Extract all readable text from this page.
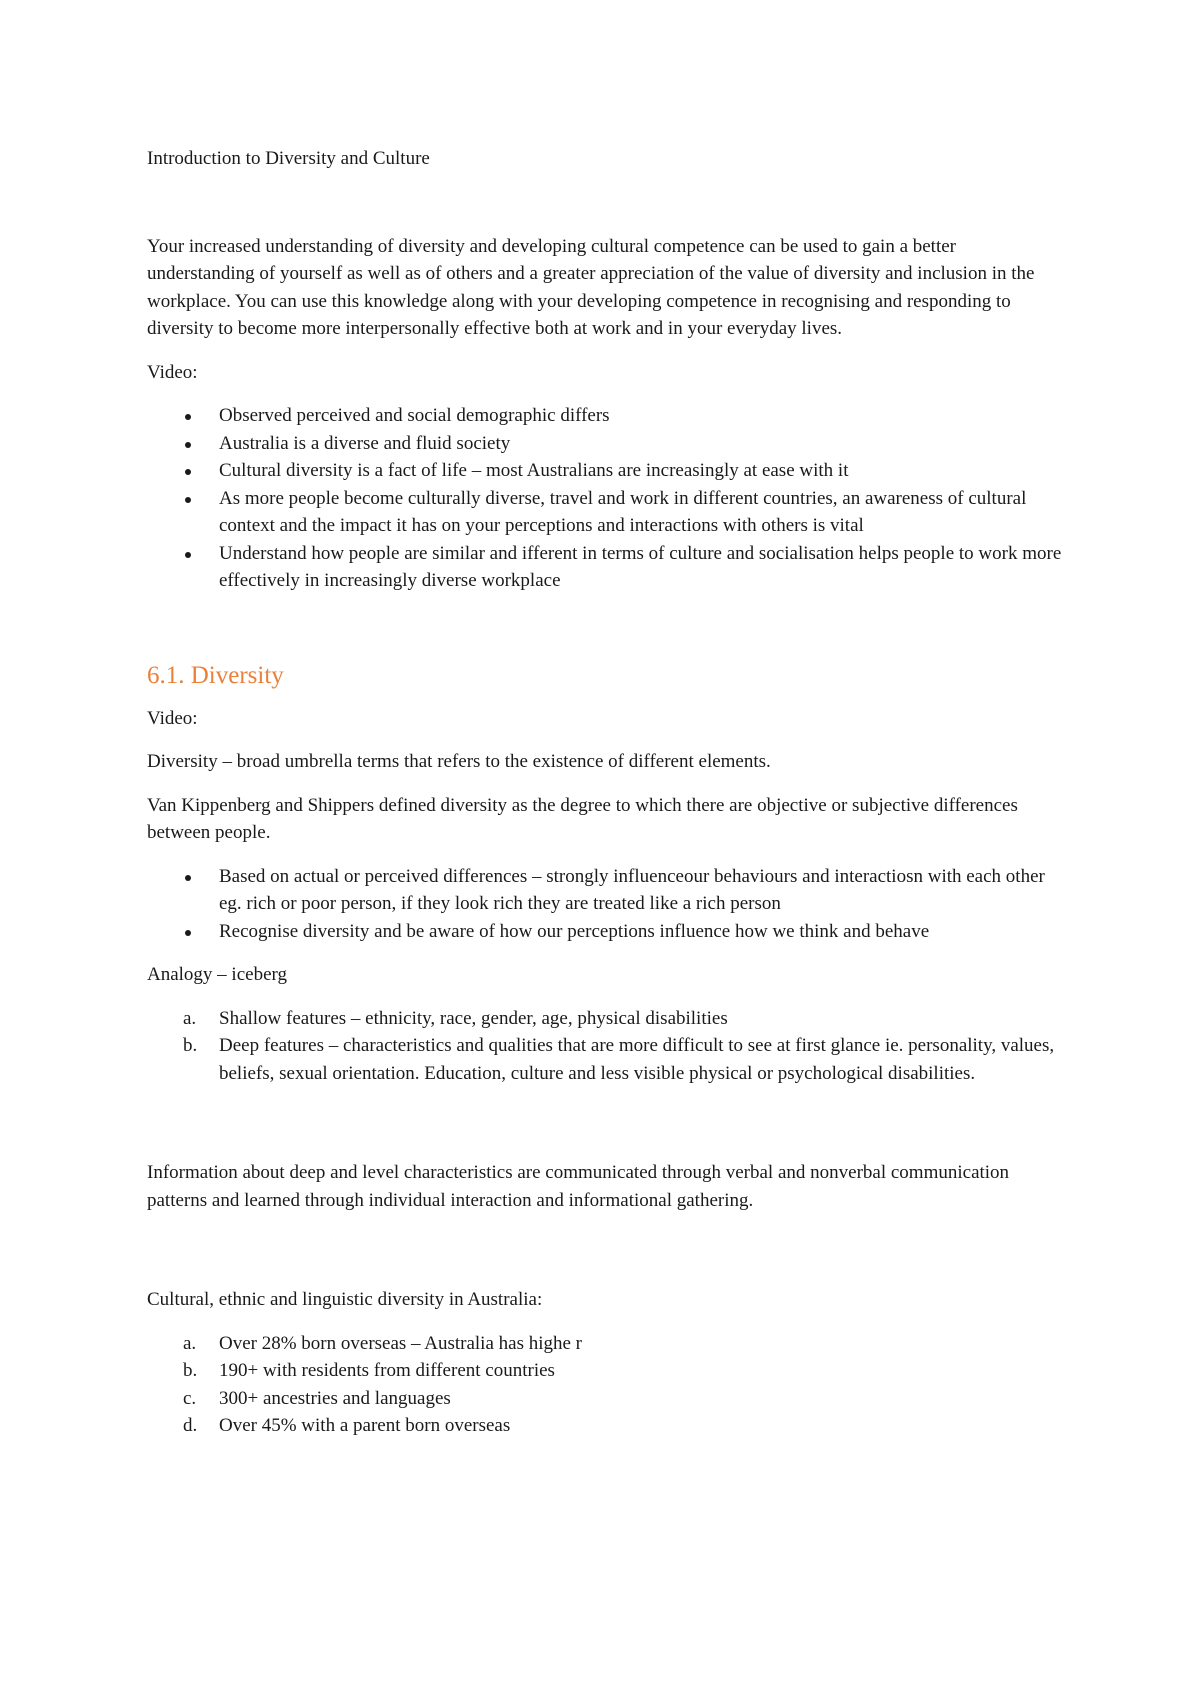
Introduction to Diversity and Culture

Your increased understanding of diversity and developing cultural competence can be used to gain a better understanding of yourself as well as of others and a greater appreciation of the value of diversity and inclusion in the workplace. You can use this knowledge along with your developing competence in recognising and responding to diversity to become more interpersonally effective both at work and in your everyday lives.

Video:

Observed perceived and social demographic differs
Australia is a diverse and fluid society
Cultural diversity is a fact of life – most Australians are increasingly at ease with it
As more people become culturally diverse, travel and work in different countries, an awareness of cultural context and the impact it has on your perceptions and interactions with others is vital
Understand how people are similar and ifferent in terms of culture and socialisation helps people to work more effectively in increasingly diverse workplace

6.1. Diversity

Video:

Diversity – broad umbrella terms that refers to the existence of different elements.

Van Kippenberg and Shippers defined diversity as the degree to which there are objective or subjective differences between people.

Based on actual or perceived differences – strongly influenceour behaviours and interactiosn with each other eg. rich or poor person, if they look rich they are treated like a rich person
Recognise diversity and be aware of how our perceptions influence how we think and behave

Analogy – iceberg

a. Shallow features – ethnicity, race, gender, age, physical disabilities
b. Deep features – characteristics and qualities that are more difficult to see at first glance ie. personality, values, beliefs, sexual orientation. Education, culture and less visible physical or psychological disabilities.

Information about deep and level characteristics are communicated through verbal and nonverbal communication patterns and learned through individual interaction and informational gathering.

Cultural, ethnic and linguistic diversity in Australia:

a. Over 28% born overseas – Australia has highe r
b. 190+ with residents from different countries
c. 300+ ancestries and languages
d. Over 45% with a parent born overseas
